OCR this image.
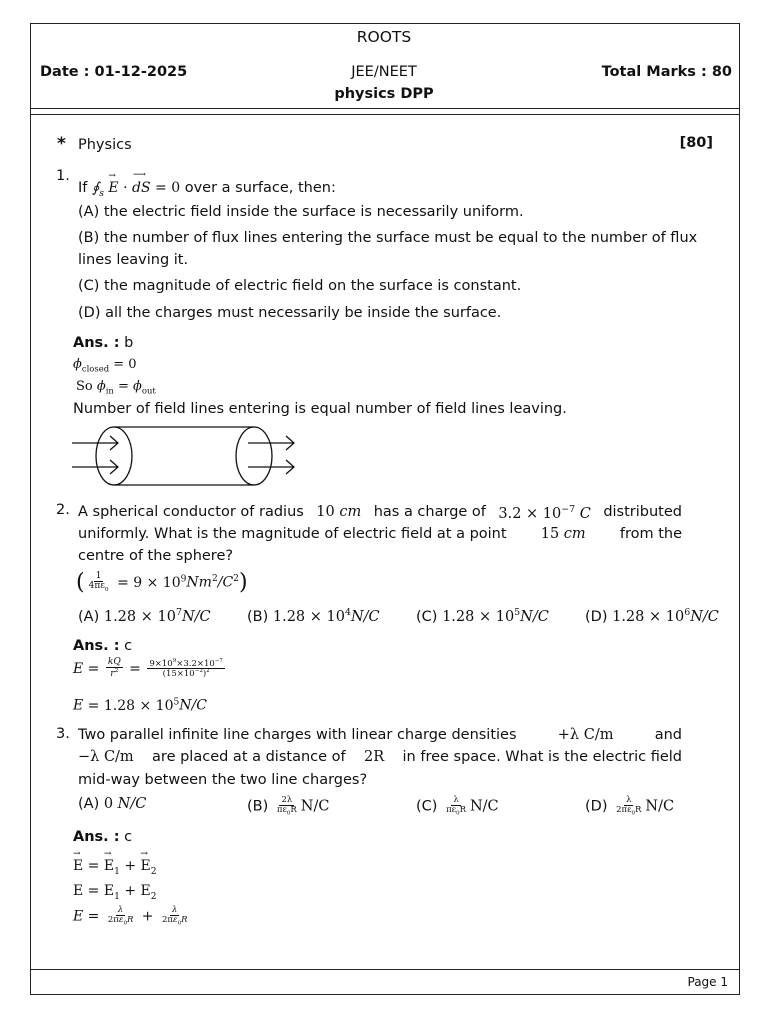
ROOTS
Date : 01-12-2025	JEE/NEET
physics DPP
Total Marks : 80
* Physics	[80]
1.
If $∮_s$ E
→
· dS
⟶
= 0 over a surface, then:
(A) the electric field inside the surface is necessarily uniform.
(B) the number of flux lines entering the surface must be equal to the number of flux
lines leaving it.
(C) the magnitude of electric field on the surface is constant.
(D) all the charges must necessarily be inside the surface.
Ans. : b
$\phi_{closed} = 0$
So $\phi_{in} = \phi_{out}$
Number of field lines entering is equal number of field lines leaving.
2. A spherical conductor of radius 10 cm has a charge of $3.2 \times 10^{-7}$ C distributed
uniformly. What is the magnitude of electric field at a point 15 cm from the
centre of the sphere?
( $\frac{1}{4\pi\varepsilon_0} = 9 \times 10^9Nm^2/C^2$)
(A) $1.28 \times 10^7N/C$	(B) $1.28 \times 10^4N/C$	(C) $1.28 \times 10^5N/C$ (D) $1.28 \times 10^6N/C$
Ans. : c
$E = \frac{kQ}{r^2} = \frac{9\times 10^9\times 3.2\times 10^{-7}}{(15\times 10^{-2})^2}$
$E = 1.28 \times 10^5N/C$
3. Two parallel infinite line charges with linear charge densities	+λ C/m	and
−λ C/m are placed at a distance of 2R in free space. What is the electric field
mid-way between the two line charges?
(A) 0 N/C	$(B) \frac{2\lambda}{\pi\varepsilon_0R} N/C$	$(C) \frac{\lambda}{\pi\varepsilon_0R} N/C$	$(D) \frac{\lambda}{2\pi\varepsilon_0R} N/C$
Ans. : c
E
→
= E
→
$_1$ + E
→
$_2$
$E = E_1 + E_2$
$E = \frac{\lambda}{2\pi\varepsilon_0R} + \frac{\lambda}{2\pi\varepsilon_0R}$
Page 1
